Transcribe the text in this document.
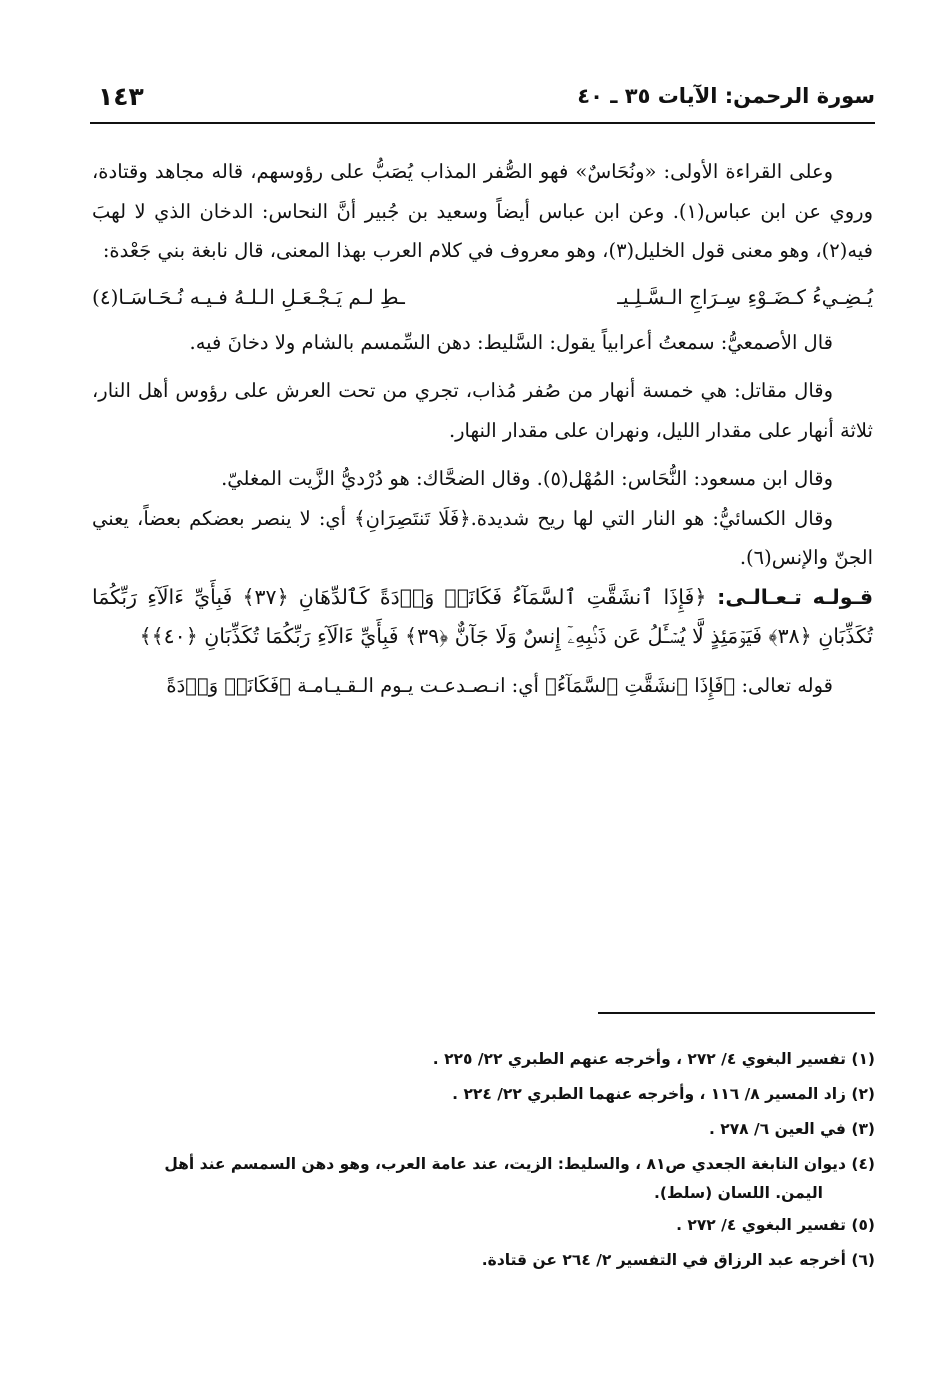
سورة الرحمن: الآيات ٣٥ ـ ٤٠
١٤٣

وعلى القراءة الأولى: «ونُحَاسٌ» فهو الصُّفر المذاب يُصَبُّ على رؤوسهم، قاله مجاهد وقتادة، وروي عن ابن عباس(١). وعن ابن عباس أيضاً وسعيد بن جُبير أنَّ النحاس: الدخان الذي لا لهبَ فيه(٢)، وهو معنى قول الخليل(٣)، وهو معروف في كلام العرب بهذا المعنى، قال نابغة بني جَعْدة:

يُـضِـيءُ كـضَـوْءِ سِـرَاجِ الـسَّـلِـيـ
ـطِ لـم يَـجْـعَـلِ الـلـهُ فـيـه نُـحَـاسَـا(٤)

قال الأصمعيُّ: سمعتُ أعرابياً يقول: السَّليط: دهن السِّمسم بالشام ولا دخانَ فيه.

وقال مقاتل: هي خمسة أنهار من صُفر مُذاب، تجري من تحت العرش على رؤوس أهل النار، ثلاثة أنهار على مقدار الليل، ونهران على مقدار النهار.

وقال ابن مسعود: النُّحَاس: المُهْل(٥). وقال الضحَّاك: هو دُرْديُّ الزَّيت المغليّ.

وقال الكسائيُّ: هو النار التي لها ريح شديدة.﴿فَلَا تَنتَصِرَانِ﴾ أي: لا ينصر بعضكم بعضاً، يعني الجنّ والإنس(٦).

قـولـه تـعـالـى: ﴿فَإِذَا ٱنشَقَّتِ ٱلسَّمَآءُ فَكَانَتۡ وَرۡدَةً كَٱلدِّهَانِ ﴿٣٧﴾ فَبِأَيِّ ءَالَآءِ رَبِّكُمَا تُكَذِّبَانِ ﴿٣٨﴾ فَيَوۡمَئِذٍ لَّا يُسۡـَٔلُ عَن ذَنۢبِهِۦٓ إِنسٌ وَلَا جَآنٌّ ﴿٣٩﴾ فَبِأَيِّ ءَالَآءِ رَبِّكُمَا تُكَذِّبَانِ ﴿٤٠﴾﴾

قوله تعالى: ﴿فَإِذَا ٱنشَقَّتِ ٱلسَّمَآءُ﴾ أي: انـصـدعـت يـوم الـقـيـامـة ﴿فَكَانَتۡ وَرۡدَةً

(١) تفسير البغوي ٤/ ٢٧٢ ، وأخرجه عنهم الطبري ٢٢/ ٢٢٥ .
(٢) زاد المسير ٨/ ١١٦ ، وأخرجه عنهما الطبري ٢٢/ ٢٢٤ .
(٣) في العين ٦/ ٢٧٨ .
(٤) ديوان النابغة الجعدي ص٨١ ، والسليط: الزيت، عند عامة العرب، وهو دهن السمسم عند أهل
اليمن. اللسان (سلط).
(٥) تفسير البغوي ٤/ ٢٧٢ .
(٦) أخرجه عبد الرزاق في التفسير ٢/ ٢٦٤ عن قتادة.
